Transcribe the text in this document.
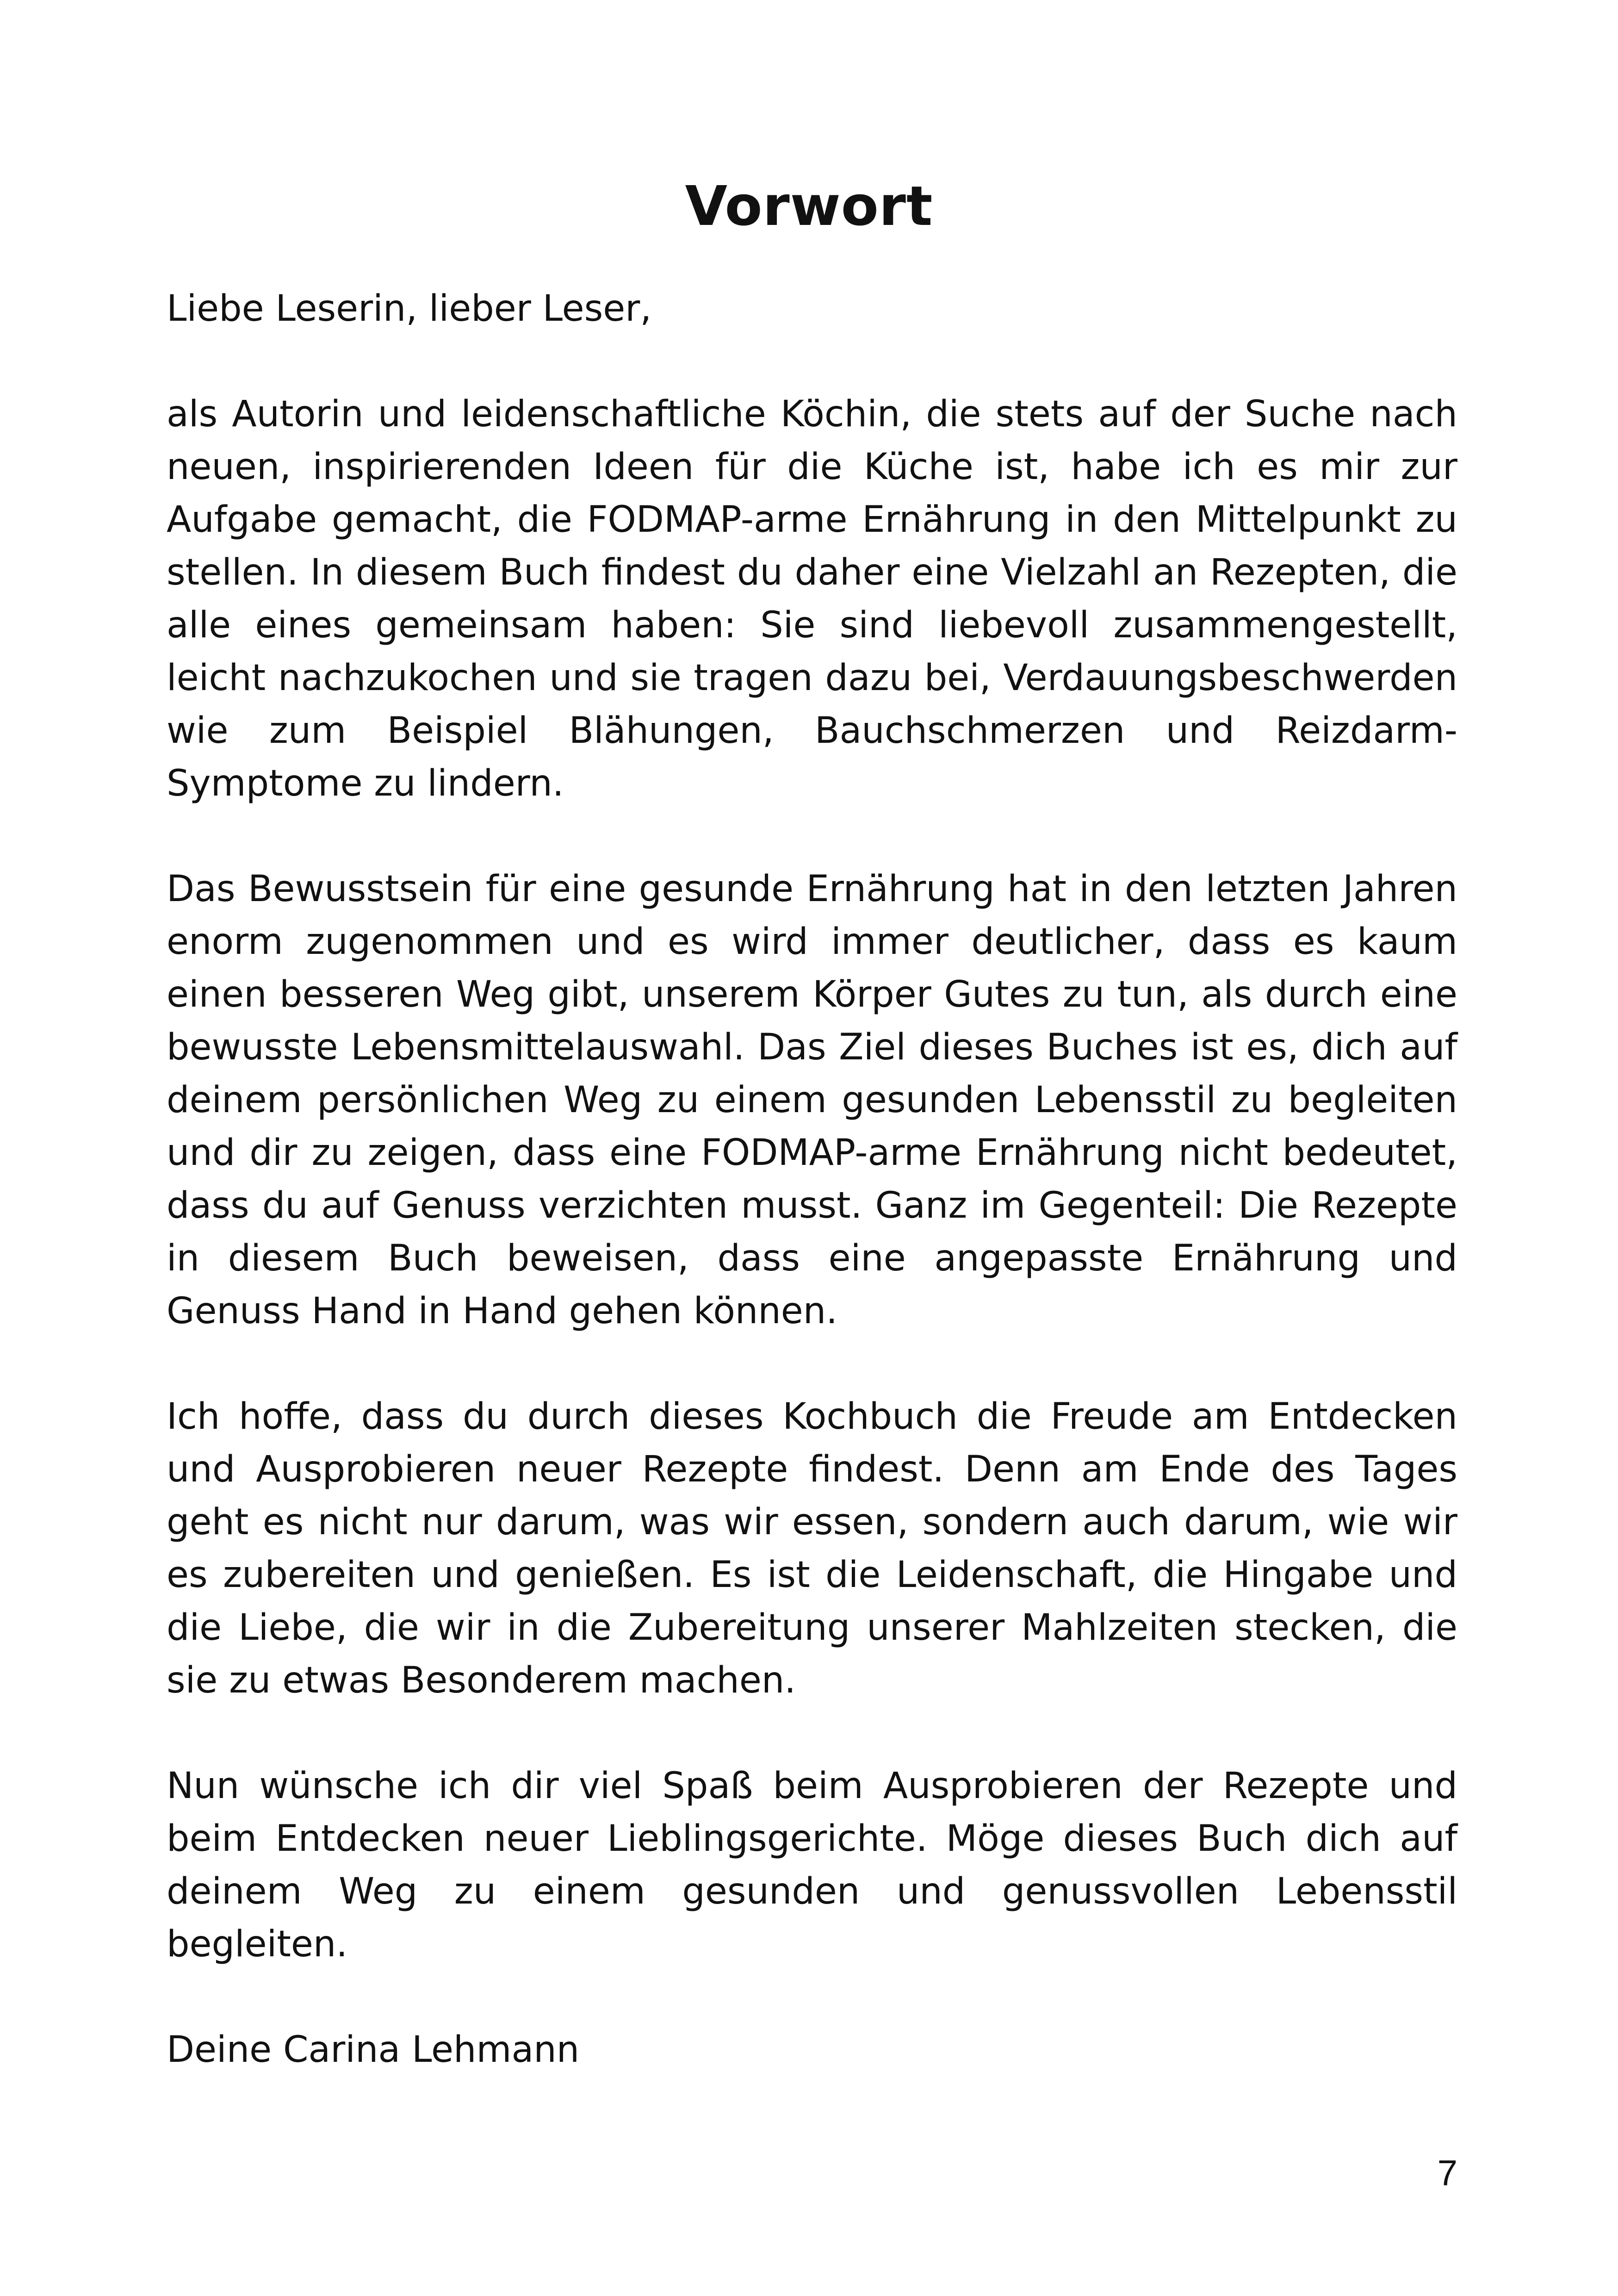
Vorwort

Liebe Leserin, lieber Leser,

als Autorin und leidenschaftliche Köchin, die stets auf der Suche nach neuen, inspirierenden Ideen für die Küche ist, habe ich es mir zur Aufgabe gemacht, die FODMAP-arme Ernährung in den Mittelpunkt zu stellen. In diesem Buch findest du daher eine Vielzahl an Rezepten, die alle eines gemeinsam haben: Sie sind liebevoll zusammengestellt, leicht nachzukochen und sie tragen dazu bei, Verdauungsbeschwerden wie zum Beispiel Blähungen, Bauchschmerzen und Reizdarm-Symptome zu lindern.

Das Bewusstsein für eine gesunde Ernährung hat in den letzten Jahren enorm zugenommen und es wird immer deutlicher, dass es kaum einen besseren Weg gibt, unserem Körper Gutes zu tun, als durch eine bewusste Lebensmittelauswahl. Das Ziel dieses Buches ist es, dich auf deinem persönlichen Weg zu einem gesunden Lebensstil zu begleiten und dir zu zeigen, dass eine FODMAP-arme Ernährung nicht bedeutet, dass du auf Genuss verzichten musst. Ganz im Gegenteil: Die Rezepte in diesem Buch beweisen, dass eine angepasste Ernährung und Genuss Hand in Hand gehen können.

Ich hoffe, dass du durch dieses Kochbuch die Freude am Entdecken und Ausprobieren neuer Rezepte findest. Denn am Ende des Tages geht es nicht nur darum, was wir essen, sondern auch darum, wie wir es zubereiten und genießen. Es ist die Leidenschaft, die Hingabe und die Liebe, die wir in die Zubereitung unserer Mahlzeiten stecken, die sie zu etwas Besonderem machen.

Nun wünsche ich dir viel Spaß beim Ausprobieren der Rezepte und beim Entdecken neuer Lieblingsgerichte. Möge dieses Buch dich auf deinem Weg zu einem gesunden und genussvollen Lebensstil begleiten.

Deine Carina Lehmann

7
